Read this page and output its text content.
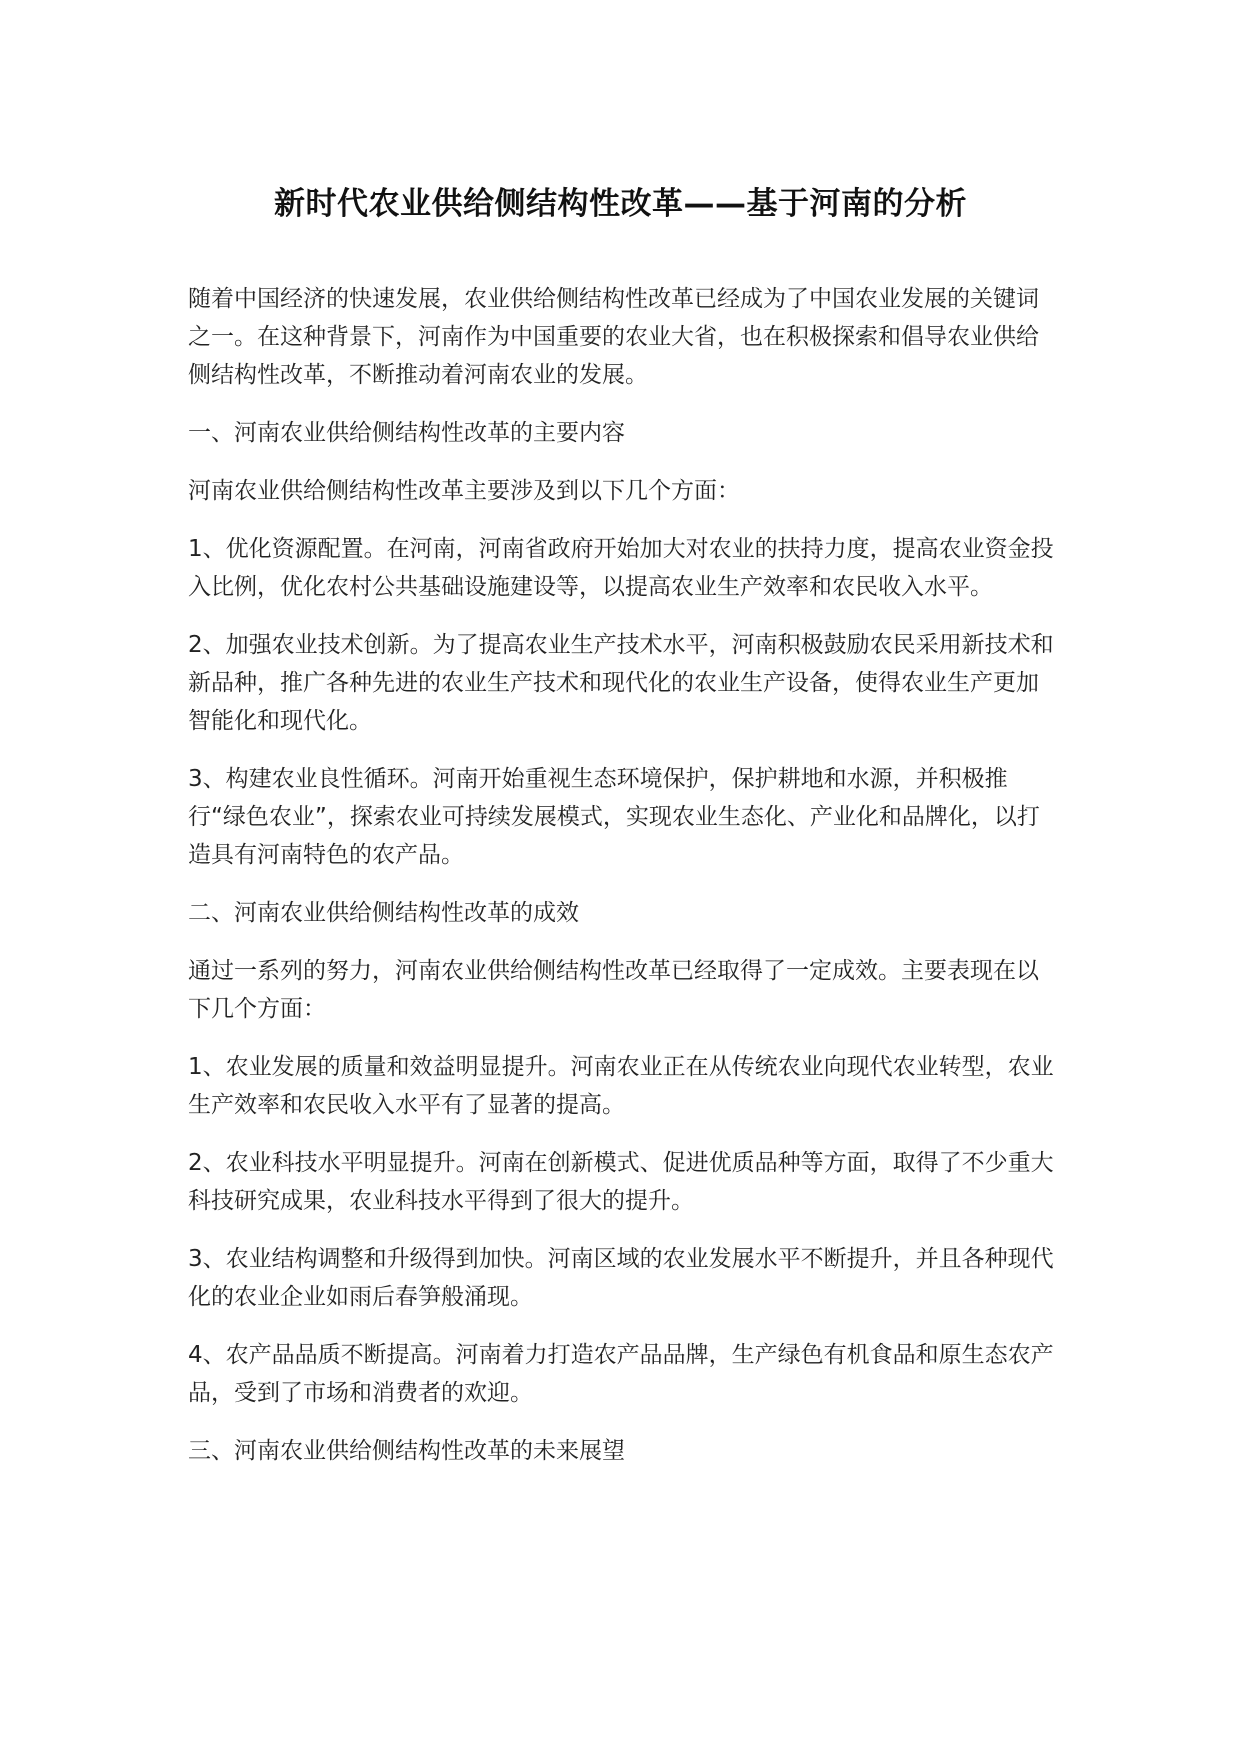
新时代农业供给侧结构性改革——基于河南的分析

随着中国经济的快速发展，农业供给侧结构性改革已经成为了中国农业发展的关键词之一。在这种背景下，河南作为中国重要的农业大省，也在积极探索和倡导农业供给侧结构性改革，不断推动着河南农业的发展。

一、河南农业供给侧结构性改革的主要内容

河南农业供给侧结构性改革主要涉及到以下几个方面：

1、优化资源配置。在河南，河南省政府开始加大对农业的扶持力度，提高农业资金投入比例，优化农村公共基础设施建设等，以提高农业生产效率和农民收入水平。

2、加强农业技术创新。为了提高农业生产技术水平，河南积极鼓励农民采用新技术和新品种，推广各种先进的农业生产技术和现代化的农业生产设备，使得农业生产更加智能化和现代化。

3、构建农业良性循环。河南开始重视生态环境保护，保护耕地和水源，并积极推行“绿色农业”，探索农业可持续发展模式，实现农业生态化、产业化和品牌化，以打造具有河南特色的农产品。

二、河南农业供给侧结构性改革的成效

通过一系列的努力，河南农业供给侧结构性改革已经取得了一定成效。主要表现在以下几个方面：

1、农业发展的质量和效益明显提升。河南农业正在从传统农业向现代农业转型，农业生产效率和农民收入水平有了显著的提高。

2、农业科技水平明显提升。河南在创新模式、促进优质品种等方面，取得了不少重大科技研究成果，农业科技水平得到了很大的提升。

3、农业结构调整和升级得到加快。河南区域的农业发展水平不断提升，并且各种现代化的农业企业如雨后春笋般涌现。

4、农产品品质不断提高。河南着力打造农产品品牌，生产绿色有机食品和原生态农产品，受到了市场和消费者的欢迎。

三、河南农业供给侧结构性改革的未来展望
